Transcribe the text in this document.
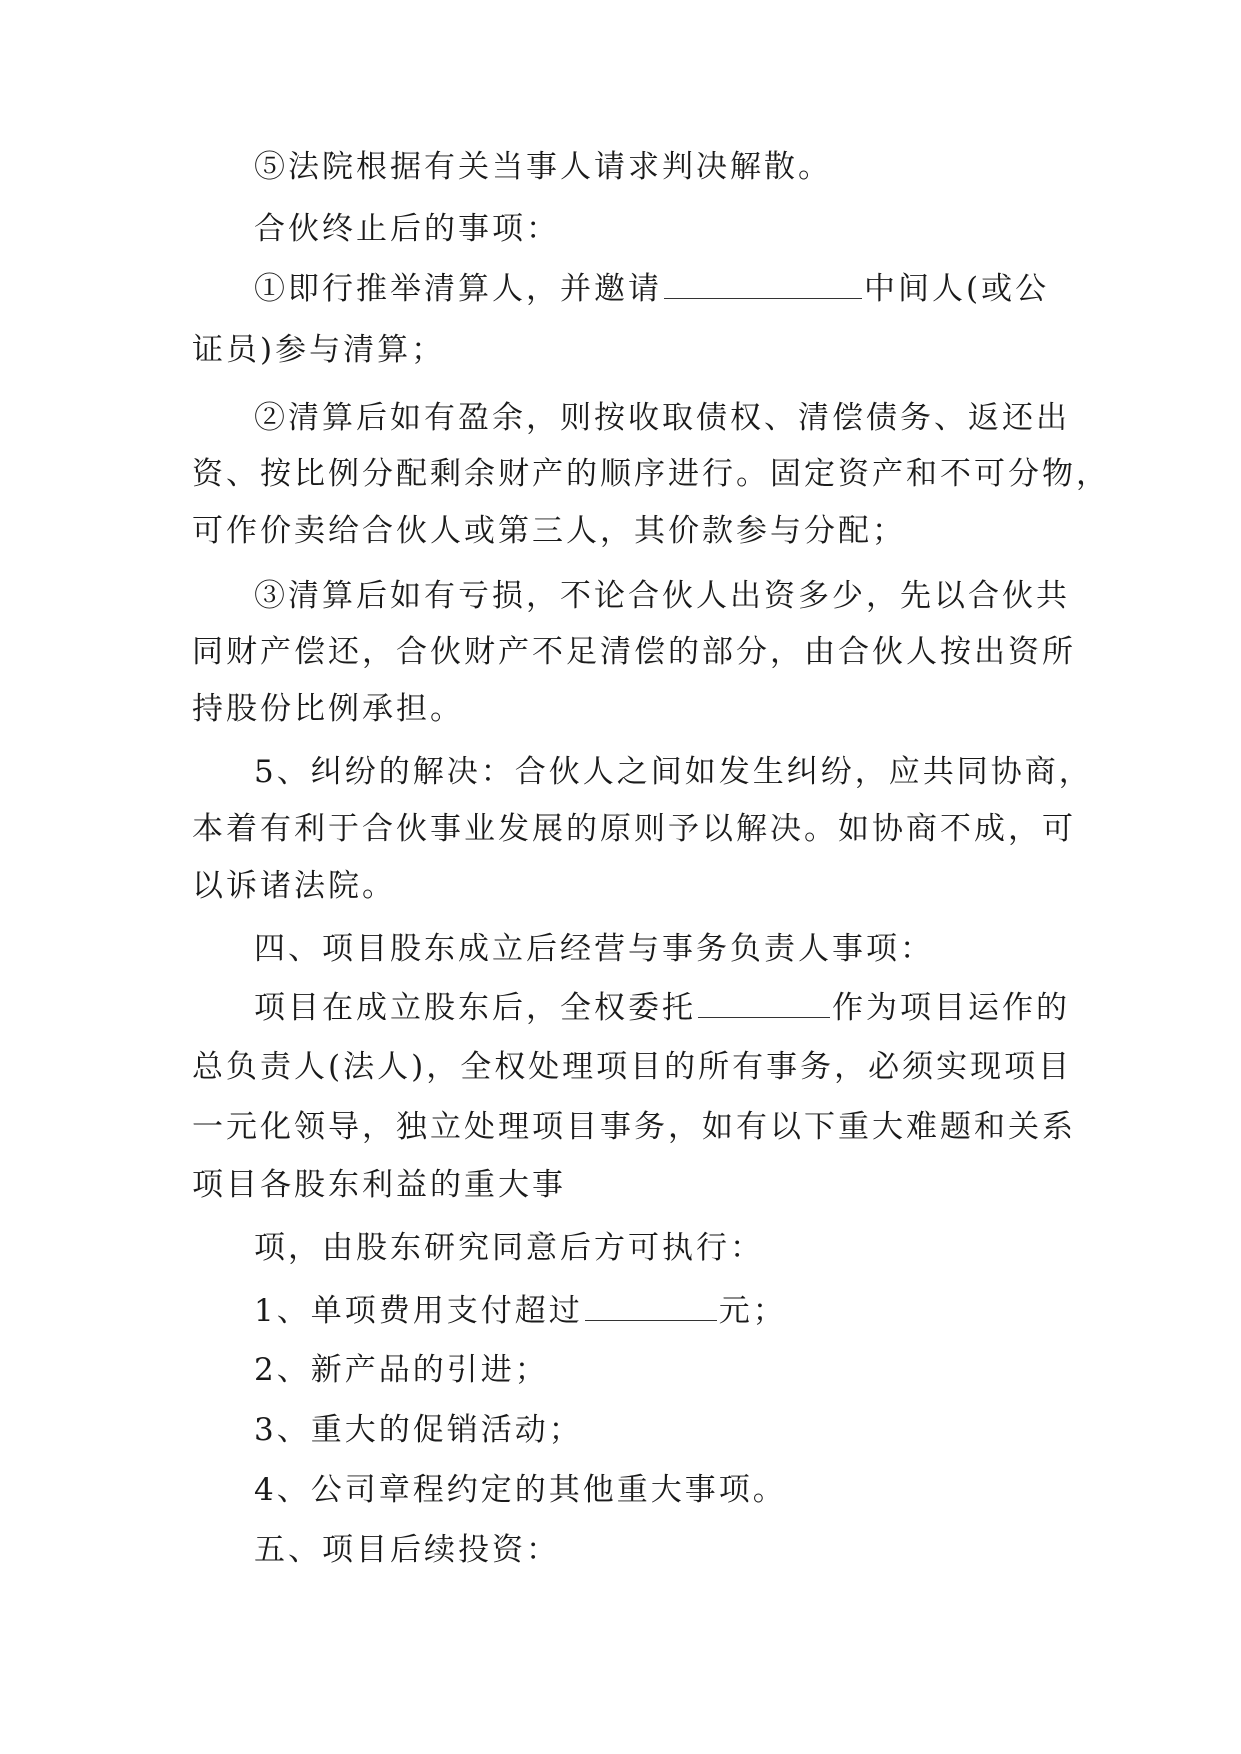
⑤法院根据有关当事人请求判决解散。
合伙终止后的事项：
①即行推举清算人，并邀请	中间人(或公
证员)参与清算；
②清算后如有盈余，则按收取债权、清偿债务、返还出
资、按比例分配剩余财产的顺序进行。固定资产和不可分物，
可作价卖给合伙人或第三人，其价款参与分配；
③清算后如有亏损，不论合伙人出资多少，先以合伙共
同财产偿还，合伙财产不足清偿的部分，由合伙人按出资所
持股份比例承担。
5、纠纷的解决：合伙人之间如发生纠纷，应共同协商，
本着有利于合伙事业发展的原则予以解决。如协商不成，可
以诉诸法院。
四、项目股东成立后经营与事务负责人事项：
项目在成立股东后，全权委托	作为项目运作的
总负责人(法人)，全权处理项目的所有事务，必须实现项目
一元化领导，独立处理项目事务，如有以下重大难题和关系
项目各股东利益的重大事
项，由股东研究同意后方可执行：
1、单项费用支付超过	元；
2、新产品的引进；
3、重大的促销活动；
4、公司章程约定的其他重大事项。
五、项目后续投资：
